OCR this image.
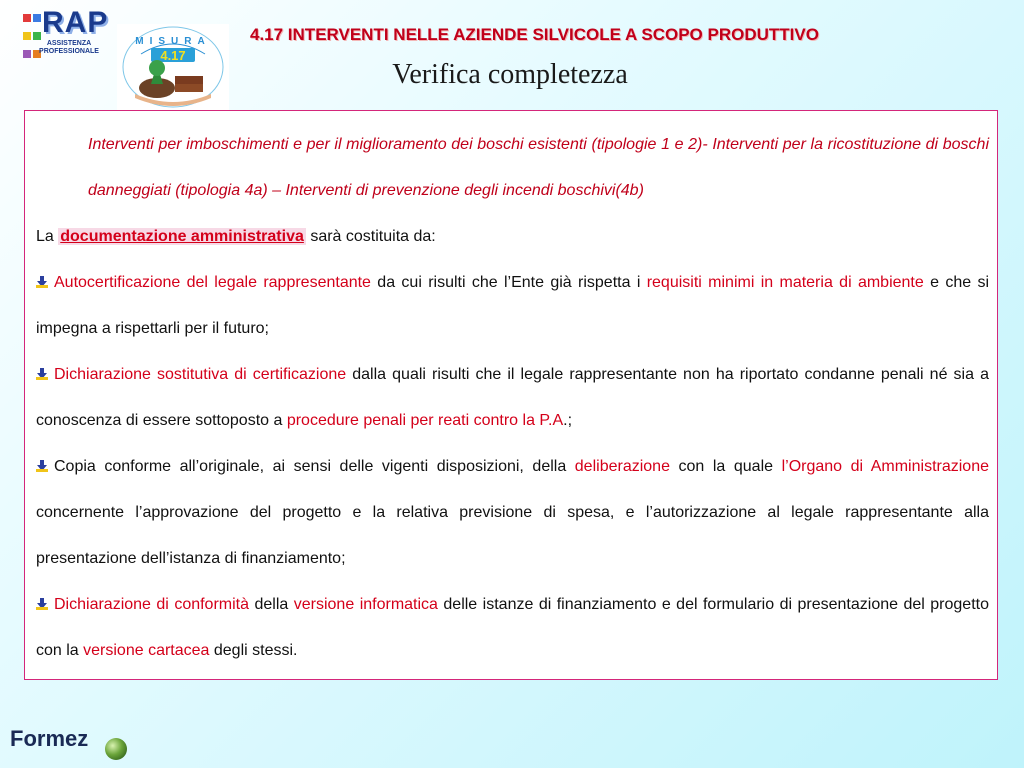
RAP
ASSISTENZA PROFESSIONALE
MISURA
4.17
4.17 INTERVENTI NELLE AZIENDE SILVICOLE A SCOPO PRODUTTIVO
Verifica completezza

Interventi per imboschimenti e per il miglioramento dei boschi esistenti (tipologie 1 e 2)- Interventi per la ricostituzione di boschi danneggiati (tipologia 4a) – Interventi di prevenzione degli incendi boschivi(4b)

La documentazione amministrativa sarà costituita da:

Autocertificazione del legale rappresentante da cui risulti che l’Ente già rispetta i requisiti minimi in materia di ambiente e che si impegna a rispettarli per il futuro;

Dichiarazione sostitutiva di certificazione dalla quali risulti che il legale rappresentante non ha riportato condanne penali né sia a conoscenza di essere sottoposto a procedure penali per reati contro la P.A.;

Copia conforme all’originale, ai sensi delle vigenti disposizioni, della deliberazione con la quale l’Organo di Amministrazione concernente l’approvazione del progetto e la relativa previsione di spesa, e l’autorizzazione al legale rappresentante alla presentazione dell’istanza di finanziamento;

Dichiarazione di conformità della versione informatica delle istanze di finanziamento e del formulario di presentazione del progetto con la versione cartacea degli stessi.

Formez
